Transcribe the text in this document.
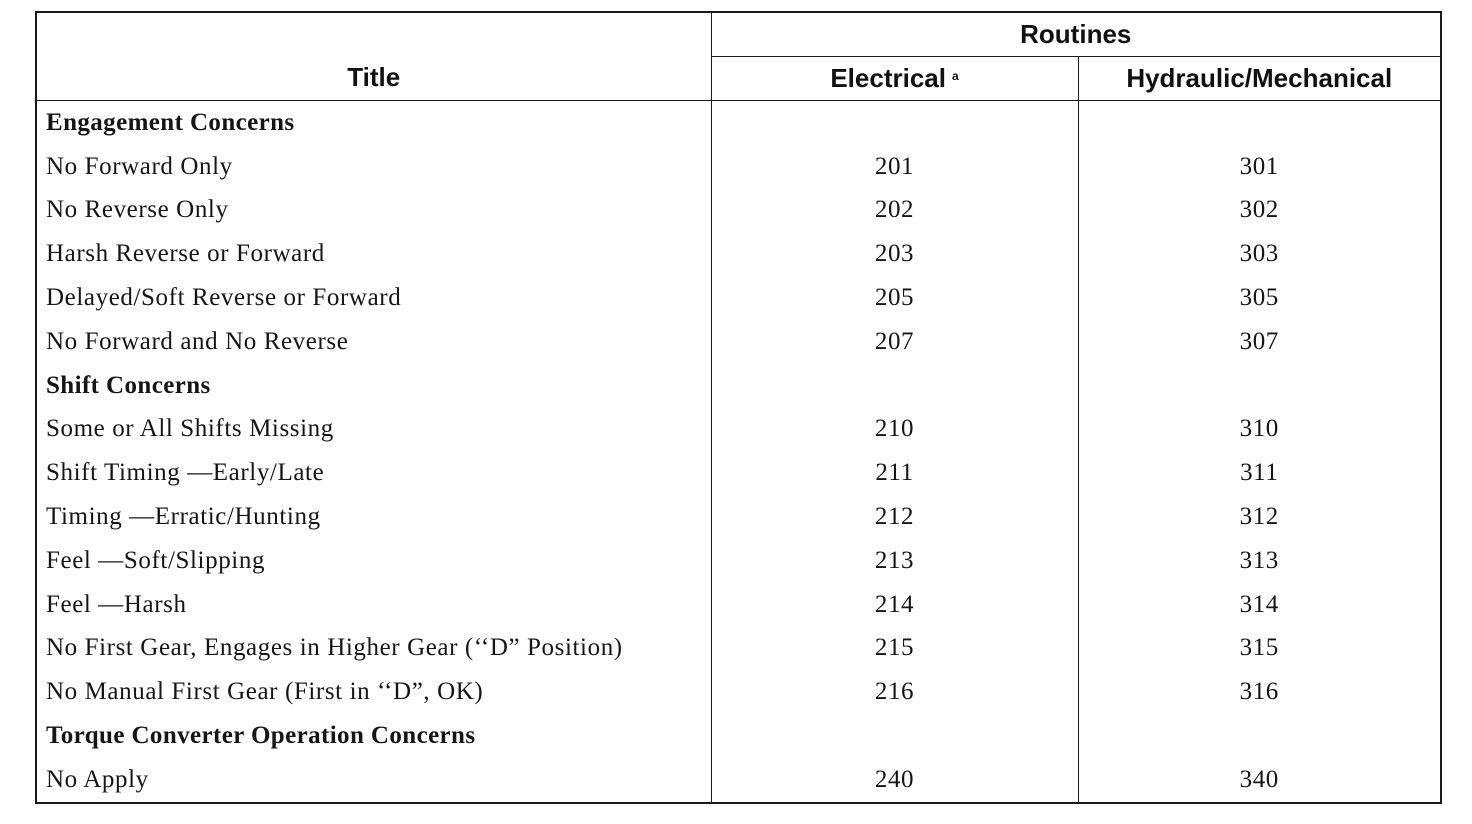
Title	Routines	
	Electrical $^a$	Hydraulic/Mechanical
Engagement Concerns		
No Forward Only	201	301
No Reverse Only	202	302
Harsh Reverse or Forward	203	303
Delayed/Soft Reverse or Forward	205	305
No Forward and No Reverse	207	307
Shift Concerns		
Some or All Shifts Missing	210	310
Shift Timing —Early/Late	211	311
Timing —Erratic/Hunting	212	312
Feel —Soft/Slipping	213	313
Feel —Harsh	214	314
No First Gear, Engages in Higher Gear (‘‘D” Position)	215	315
No Manual First Gear (First in ‘‘D”, OK)	216	316
Torque Converter Operation Concerns		
No Apply	240	340
